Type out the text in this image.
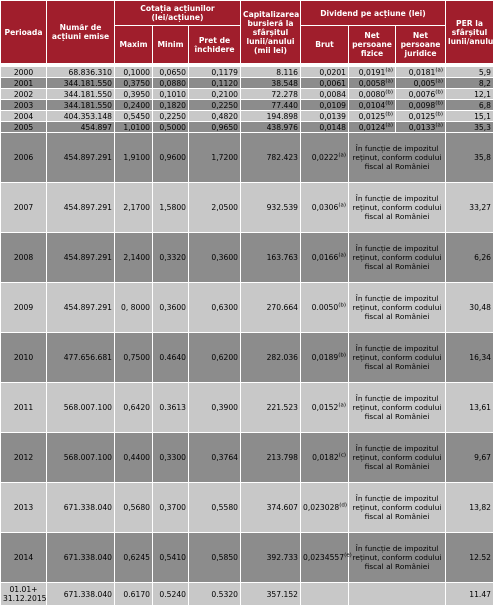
Perioada	Număr de acțiuni emise	Cotația acțiunilor (lei/acțiune)			Capitalizarea bursieră la sfârșitul lunii/anului (mii lei)	Dividend pe acțiune (lei)			PER la sfârșitul lunii/anului
		Maxim	Minim	Pret de închidere		Brut	Net persoane fizice	Net persoane juridice	

2000	68.836.310	0,1000	0,0650	0,1179	8.116	0,0201	0,0191$^{(a)}$	0,0181$^{(a)}$	5,9
2001	344.181.550	0,3750	0,0880	0,1120	38.548	0,0061	0,0058$^{(a)}$	0,005$^{(a)}$	8,2
2002	344.181.550	0,3950	0,1010	0,2100	72.278	0,0084	0,0080$^{(b)}$	0,0076$^{(b)}$	12,1
2003	344.181.550	0,2400	0,1820	0,2250	77.440	0,0109	0,0104$^{(b)}$	0,0098$^{(b)}$	6,8
2004	404.353.148	0,5450	0,2250	0,4820	194.898	0,0139	0,0125$^{(b)}$	0,0125$^{(b)}$	15,1
2005	454.897	1,0100	0,5000	0,9650	438.976	0,0148	0,0124$^{(a)}$	0,0133$^{(a)}$	35,3
2006	454.897.291	1,9100	0,9600	1,7200	782.423	0,0222$^{(a)}$	În funcție de impozitul reținut, conform codului fiscal al României		35,8
2007	454.897.291	2,1700	1,5800	2,0500	932.539	0,0306$^{(a)}$	În funcție de impozitul reținut, conform codului fiscal al României		33,27
2008	454.897.291	2,1400	0,3320	0,3600	163.763	0,0166$^{(a)}$	În funcție de impozitul reținut, conform codului fiscal al României		6,26
2009	454.897.291	0, 8000	0,3600	0,6300	270.664	0.0050$^{(b)}$	În funcție de impozitul reținut, conform codului fiscal al României		30,48
2010	477.656.681	0,7500	0.4640	0,6200	282.036	0,0189$^{(b)}$	În funcție de impozitul reținut, conform codului fiscal al României		16,34
2011	568.007.100	0,6420	0.3613	0,3900	221.523	0,0152$^{(a)}$	În funcție de impozitul reținut, conform codului fiscal al României		13,61
2012	568.007.100	0,4400	0,3300	0,3764	213.798	0,0182$^{(c)}$	În funcție de impozitul reținut, conform codului fiscal al României		9,67
2013	671.338.040	0,5680	0,3700	0,5580	374.607	0,023028$^{(d)}$	În funcție de impozitul reținut, conform codului fiscal al României		13,82
2014	671.338.040	0,6245	0,5410	0,5850	392.733	0,0234557$^{(e)}$	În funcție de impozitul reținut, conform codului fiscal al României		12.52
01.01+ 31.12.2015	671.338.040	0.6170	0.5240	0.5320	357.152				11.47
